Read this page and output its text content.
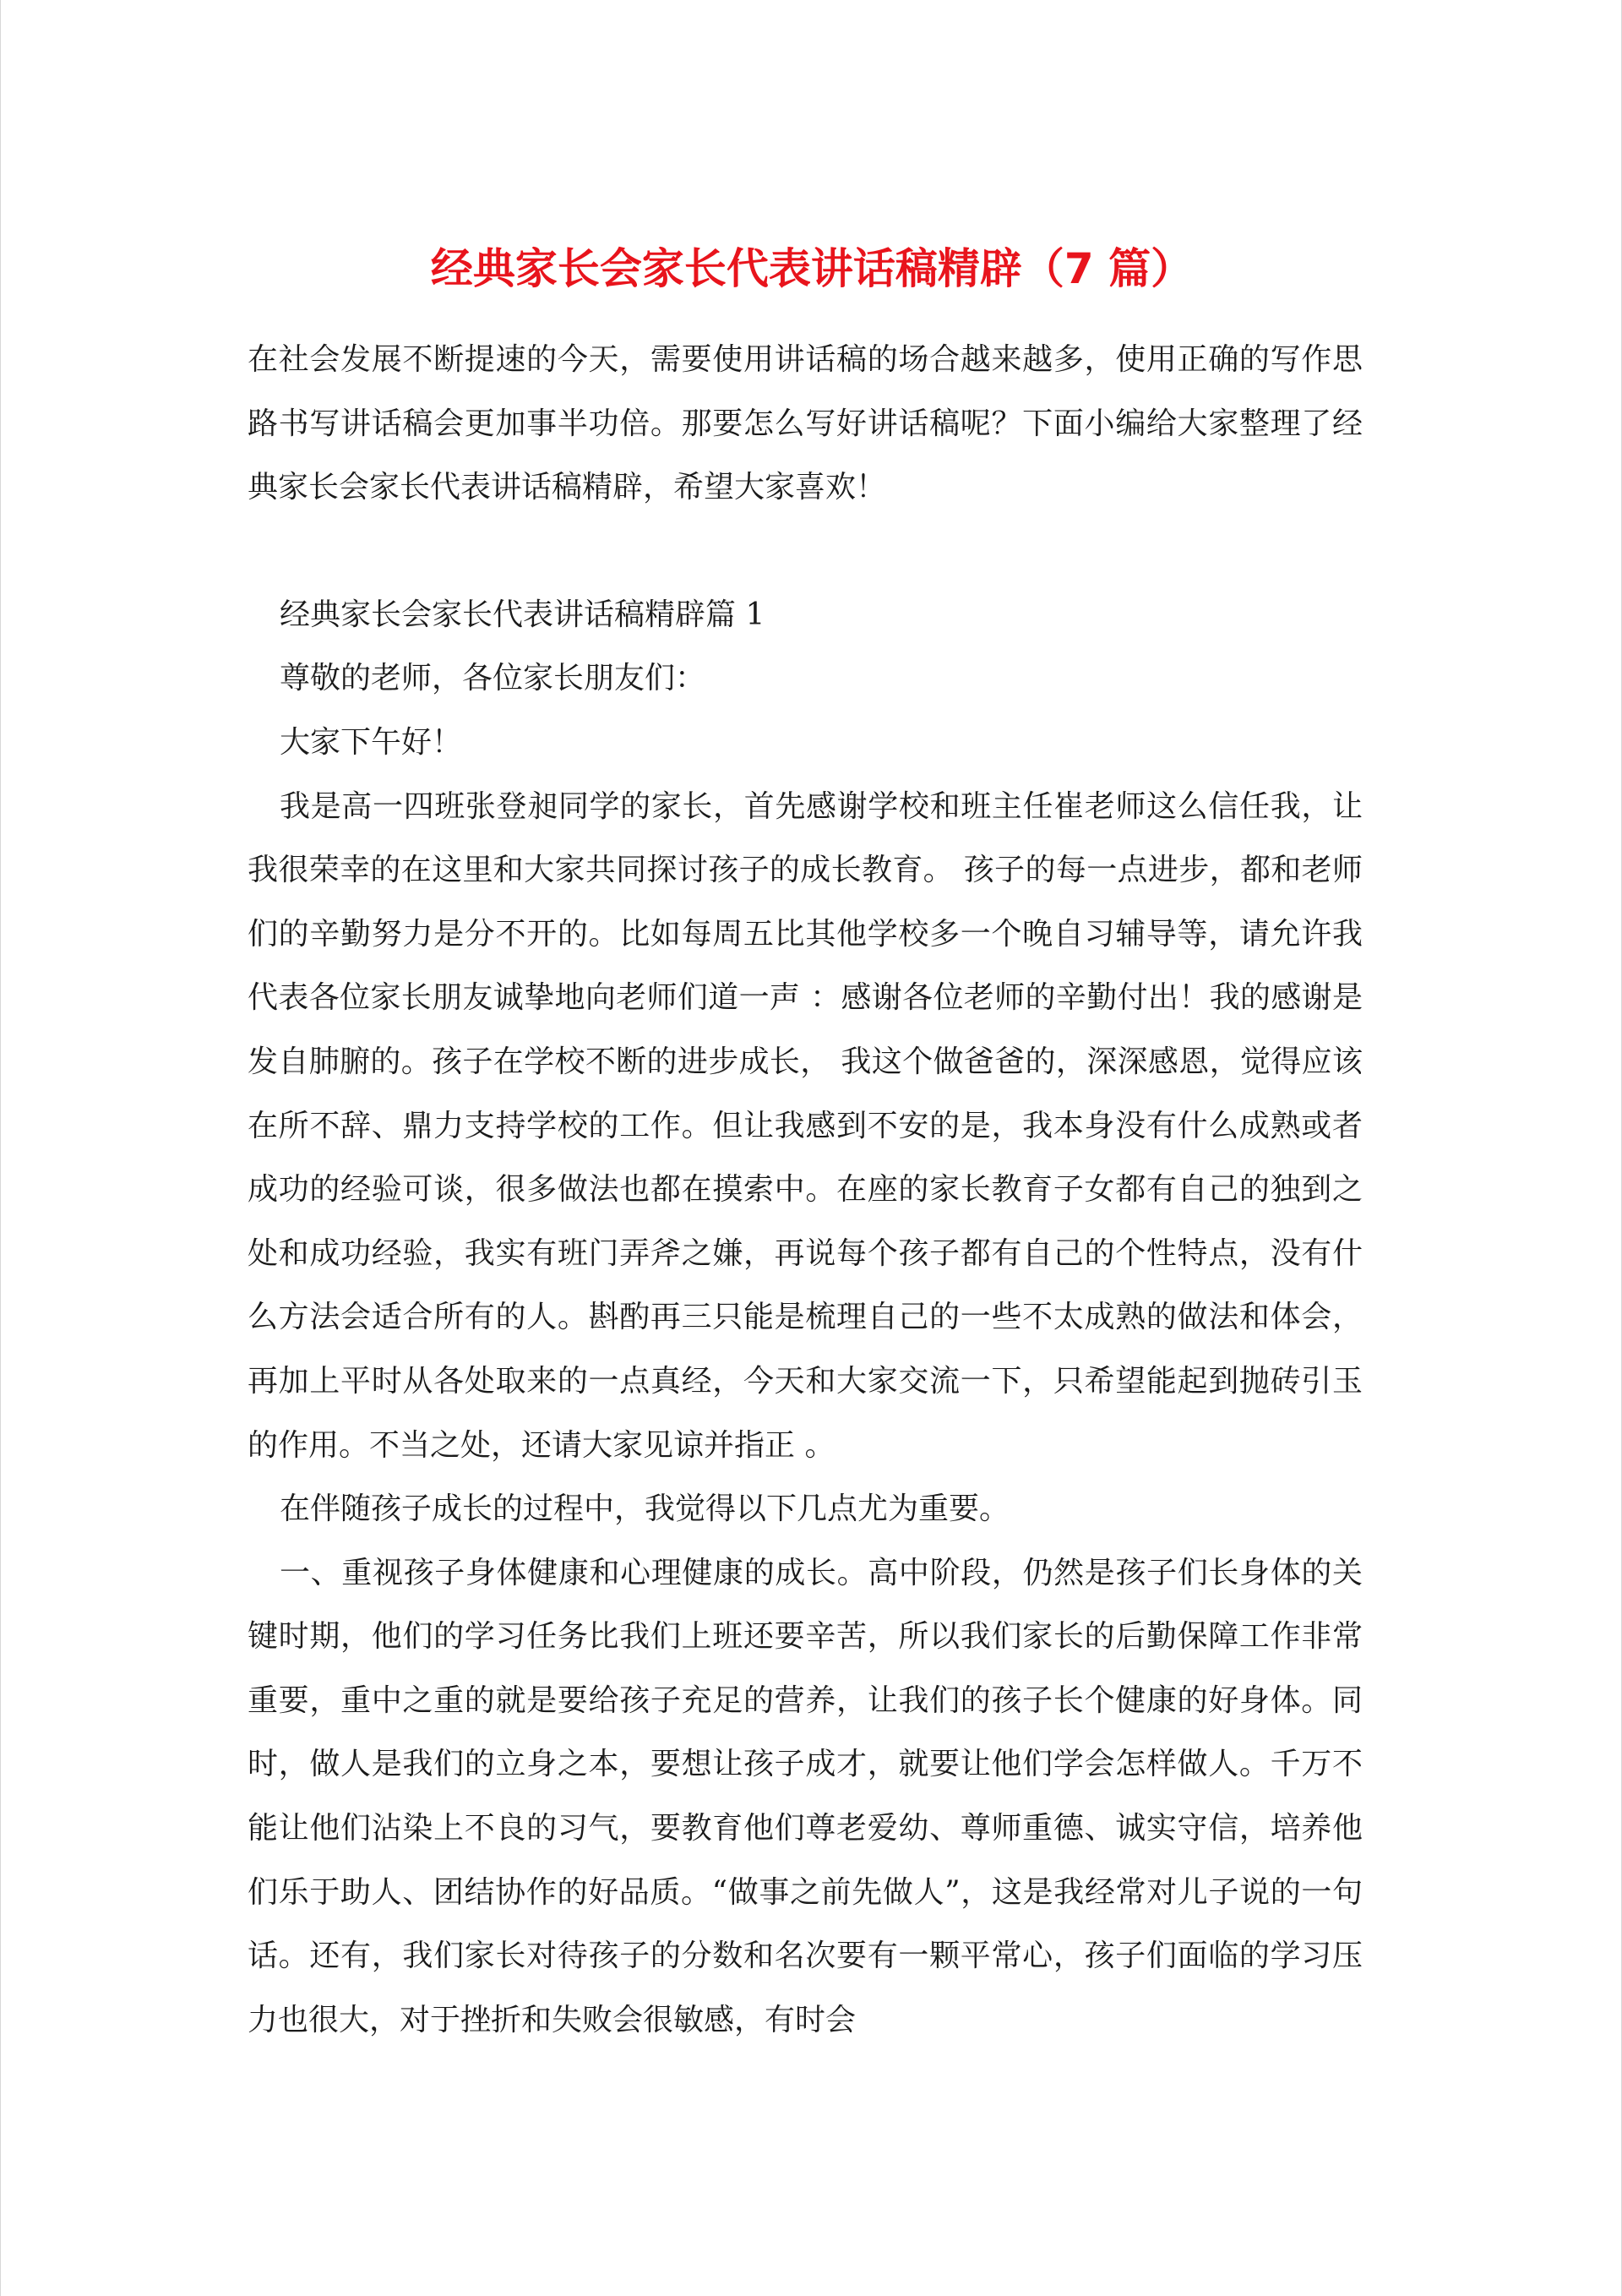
经典家长会家长代表讲话稿精辟（7 篇）

在社会发展不断提速的今天，需要使用讲话稿的场合越来越多，使用正确的写作思路书写讲话稿会更加事半功倍。那要怎么写好讲话稿呢？下面小编给大家整理了经典家长会家长代表讲话稿精辟，希望大家喜欢！

经典家长会家长代表讲话稿精辟篇 1

尊敬的老师，各位家长朋友们：

大家下午好！

我是高一四班张登昶同学的家长，首先感谢学校和班主任崔老师这么信任我，让我很荣幸的在这里和大家共同探讨孩子的成长教育。 孩子的每一点进步，都和老师们的辛勤努力是分不开的。比如每周五比其他学校多一个晚自习辅导等，请允许我代表各位家长朋友诚挚地向老师们道一声 ：感谢各位老师的辛勤付出！我的感谢是发自肺腑的。孩子在学校不断的进步成长， 我这个做爸爸的，深深感恩，觉得应该在所不辞、鼎力支持学校的工作。但让我感到不安的是，我本身没有什么成熟或者成功的经验可谈，很多做法也都在摸索中。在座的家长教育子女都有自己的独到之处和成功经验，我实有班门弄斧之嫌，再说每个孩子都有自己的个性特点，没有什么方法会适合所有的人。斟酌再三只能是梳理自己的一些不太成熟的做法和体会，再加上平时从各处取来的一点真经，今天和大家交流一下，只希望能起到抛砖引玉的作用。不当之处，还请大家见谅并指正 。

在伴随孩子成长的过程中，我觉得以下几点尤为重要。

一、重视孩子身体健康和心理健康的成长。高中阶段，仍然是孩子们长身体的关键时期，他们的学习任务比我们上班还要辛苦，所以我们家长的后勤保障工作非常重要，重中之重的就是要给孩子充足的营养，让我们的孩子长个健康的好身体。同时，做人是我们的立身之本，要想让孩子成才，就要让他们学会怎样做人。千万不能让他们沾染上不良的习气，要教育他们尊老爱幼、尊师重德、诚实守信，培养他们乐于助人、团结协作的好品质。“做事之前先做人”，这是我经常对儿子说的一句话。还有，我们家长对待孩子的分数和名次要有一颗平常心，孩子们面临的学习压力也很大，对于挫折和失败会很敏感，有时会
